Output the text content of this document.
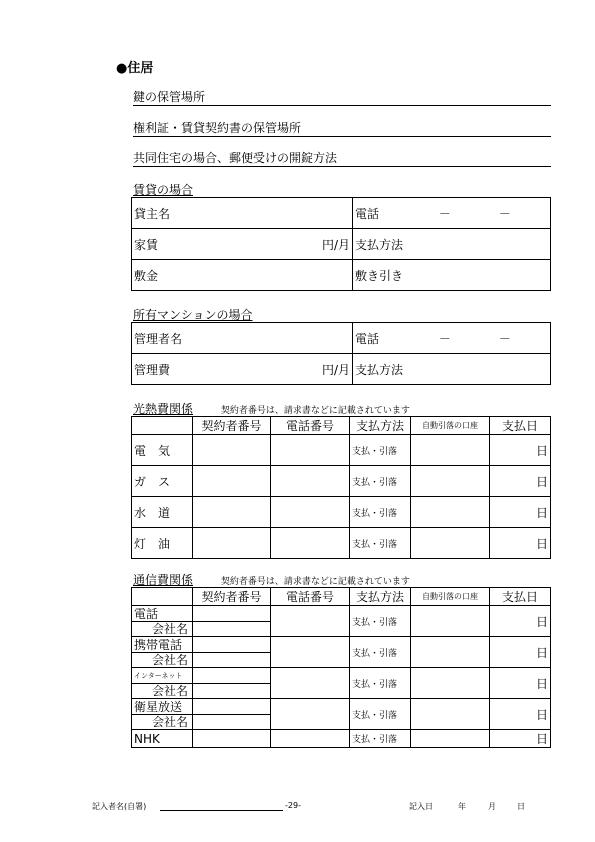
●住居
鍵の保管場所
権利証・賃貸契約書の保管場所
共同住宅の場合、郵便受けの開錠方法
賃貸の場合
貸主名	電話 － －

家賃 円/月	支払方法
敷金	敷き引き
所有マンションの場合
管理者名	電話 － －

管理費 円/月	支払方法
光熱費関係	契約者番号は、請求書などに記載されています
	契約者番号	電話番号	支払方法	自動引落の口座	支払日
電　気			支払・引落		日
ガ　ス			支払・引落		日
水　道			支払・引落		日
灯　油			支払・引落		日
通信費関係	契約者番号は、請求書などに記載されています
	契約者番号	電話番号	支払方法	自動引落の口座	支払日
電話			支払・引落		日
会社名					
携帯電話			支払・引落		日
会社名					
インターネット			支払・引落		日
会社名					
衛星放送			支払・引落		日
会社名					
NHK			支払・引落		日
記入者名(自署)	-29-	記入日	年	月	日
